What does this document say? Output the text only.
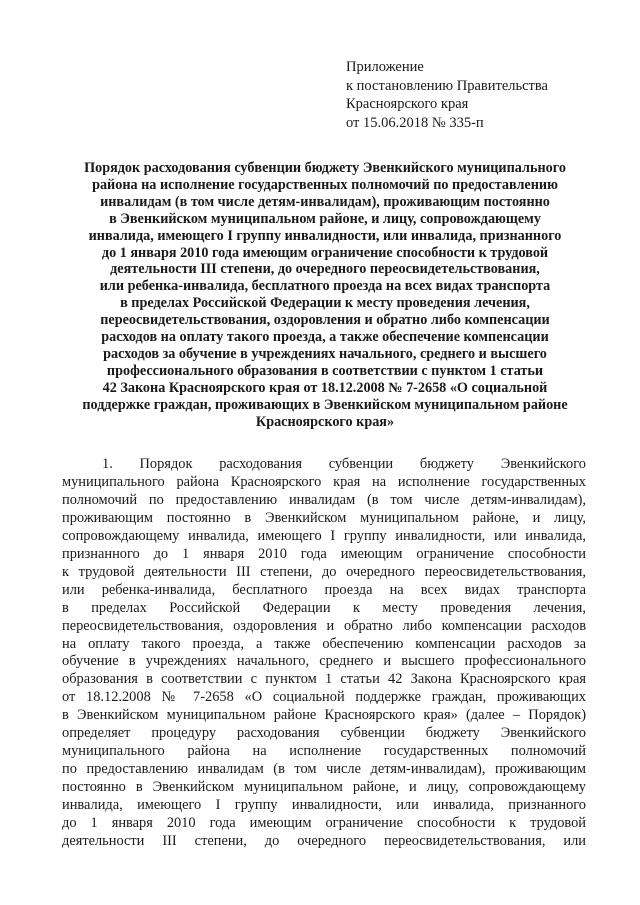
Приложение
к постановлению Правительства
Красноярского края
от 15.06.2018 № 335-п
Порядок расходования субвенции бюджету Эвенкийского муниципального
района на исполнение государственных полномочий по предоставлению
инвалидам (в том числе детям-инвалидам), проживающим постоянно
в Эвенкийском муниципальном районе, и лицу, сопровождающему
инвалида, имеющего I группу инвалидности, или инвалида, признанного
до 1 января 2010 года имеющим ограничение способности к трудовой
деятельности III степени, до очередного переосвидетельствования,
или ребенка-инвалида, бесплатного проезда на всех видах транспорта
в пределах Российской Федерации к месту проведения лечения,
переосвидетельствования, оздоровления и обратно либо компенсации
расходов на оплату такого проезда, а также обеспечение компенсации
расходов за обучение в учреждениях начального, среднего и высшего
профессионального образования в соответствии с пунктом 1 статьи
42 Закона Красноярского края от 18.12.2008 № 7-2658 «О социальной
поддержке граждан, проживающих в Эвенкийском муниципальном районе
Красноярского края»
1. Порядок расходования субвенции бюджету Эвенкийского
муниципального района Красноярского края на исполнение государственных
полномочий по предоставлению инвалидам (в том числе детям-инвалидам),
проживающим постоянно в Эвенкийском муниципальном районе, и лицу,
сопровождающему инвалида, имеющего I группу инвалидности, или инвалида,
признанного до 1 января 2010 года имеющим ограничение способности
к трудовой деятельности III степени, до очередного переосвидетельствования,
или ребенка-инвалида, бесплатного проезда на всех видах транспорта
в пределах Российской Федерации к месту проведения лечения,
переосвидетельствования, оздоровления и обратно либо компенсации расходов
на оплату такого проезда, а также обеспечению компенсации расходов за
обучение в учреждениях начального, среднего и высшего профессионального
образования в соответствии с пунктом 1 статьи 42 Закона Красноярского края
от 18.12.2008 № 7-2658 «О социальной поддержке граждан, проживающих
в Эвенкийском муниципальном районе Красноярского края» (далее – Порядок)
определяет процедуру расходования субвенции бюджету Эвенкийского
муниципального района на исполнение государственных полномочий
по предоставлению инвалидам (в том числе детям-инвалидам), проживающим
постоянно в Эвенкийском муниципальном районе, и лицу, сопровождающему
инвалида, имеющего I группу инвалидности, или инвалида, признанного
до 1 января 2010 года имеющим ограничение способности к трудовой
деятельности III степени, до очередного переосвидетельствования, или
